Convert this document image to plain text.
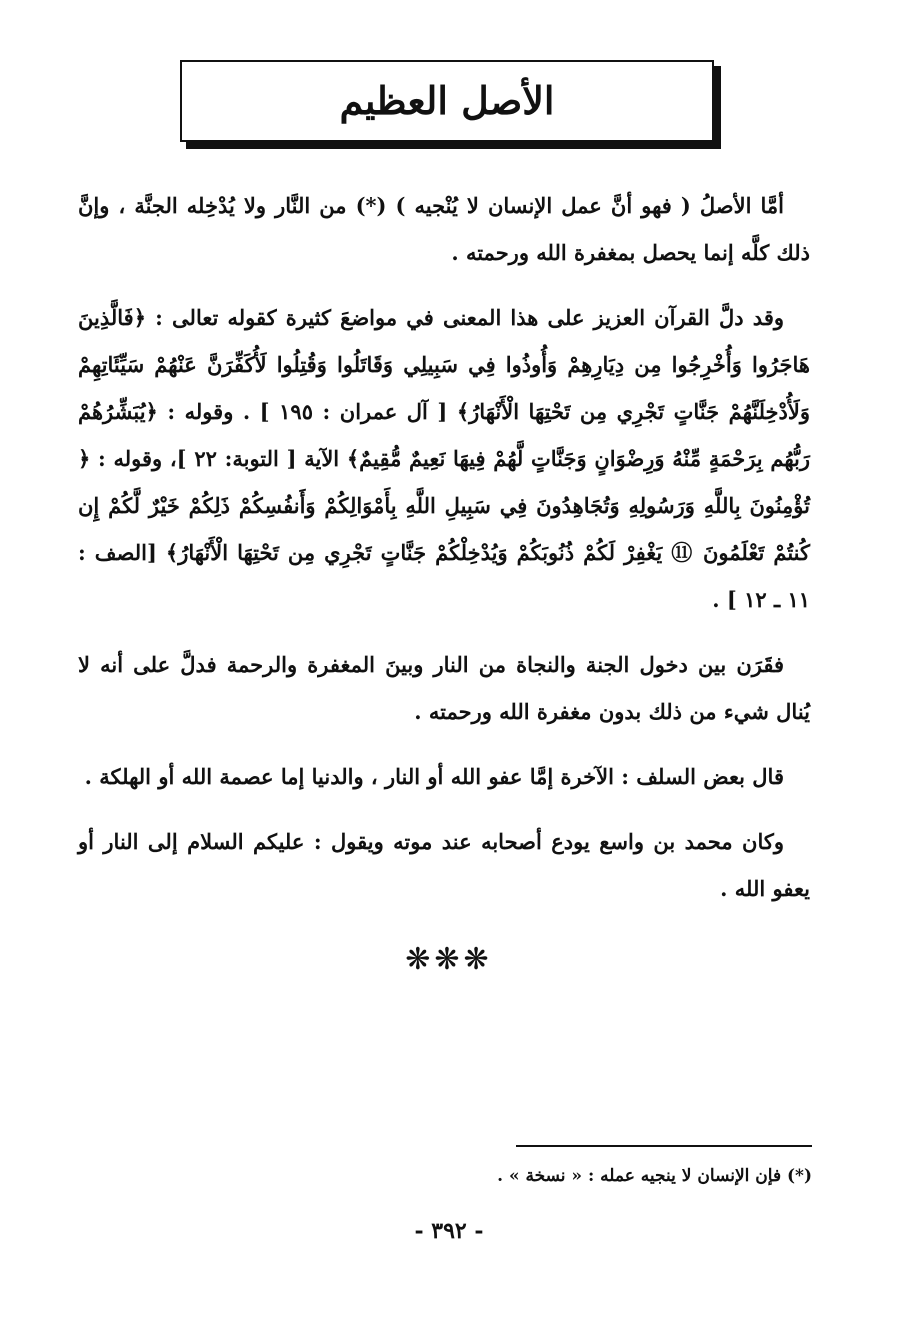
الأصل العظيم

أمَّا الأصلُ ( فهو أنَّ عمل الإنسان لا يُنْجيه ) (*) من النَّار ولا يُدْخِله الجنَّة ، وإنَّ ذلك كلَّه إنما يحصل بمغفرة الله ورحمته .

وقد دلَّ القرآن العزيز على هذا المعنى في مواضعَ كثيرة كقوله تعالى : ﴿فَالَّذِينَ هَاجَرُوا وَأُخْرِجُوا مِن دِيَارِهِمْ وَأُوذُوا فِي سَبِيلِي وَقَاتَلُوا وَقُتِلُوا لَأُكَفِّرَنَّ عَنْهُمْ سَيِّئَاتِهِمْ وَلَأُدْخِلَنَّهُمْ جَنَّاتٍ تَجْرِي مِن تَحْتِهَا الْأَنْهَارُ﴾ [ آل عمران : ١٩٥ ] . وقوله : ﴿يُبَشِّرُهُمْ رَبُّهُم بِرَحْمَةٍ مِّنْهُ وَرِضْوَانٍ وَجَنَّاتٍ لَّهُمْ فِيهَا نَعِيمٌ مُّقِيمٌ﴾ الآية [ التوبة: ٢٢ ]، وقوله : ﴿ تُؤْمِنُونَ بِاللَّهِ وَرَسُولِهِ وَتُجَاهِدُونَ فِي سَبِيلِ اللَّهِ بِأَمْوَالِكُمْ وَأَنفُسِكُمْ ذَلِكُمْ خَيْرٌ لَّكُمْ إِن كُنتُمْ تَعْلَمُونَ ⑪ يَغْفِرْ لَكُمْ ذُنُوبَكُمْ وَيُدْخِلْكُمْ جَنَّاتٍ تَجْرِي مِن تَحْتِهَا الْأَنْهَارُ﴾ [الصف : ١١ ـ ١٢ ] .

فقَرَن بين دخول الجنة والنجاة من النار وبينَ المغفرة والرحمة فدلَّ على أنه لا يُنال شيء من ذلك بدون مغفرة الله ورحمته .

قال بعض السلف : الآخرة إمَّا عفو الله أو النار ، والدنيا إما عصمة الله أو الهلكة .

وكان محمد بن واسع يودع أصحابه عند موته ويقول : عليكم السلام إلى النار أو يعفو الله .

❋❋❋
(*) فإن الإنسان لا ينجيه عمله : « نسخة » .
- ٣٩٢ -
